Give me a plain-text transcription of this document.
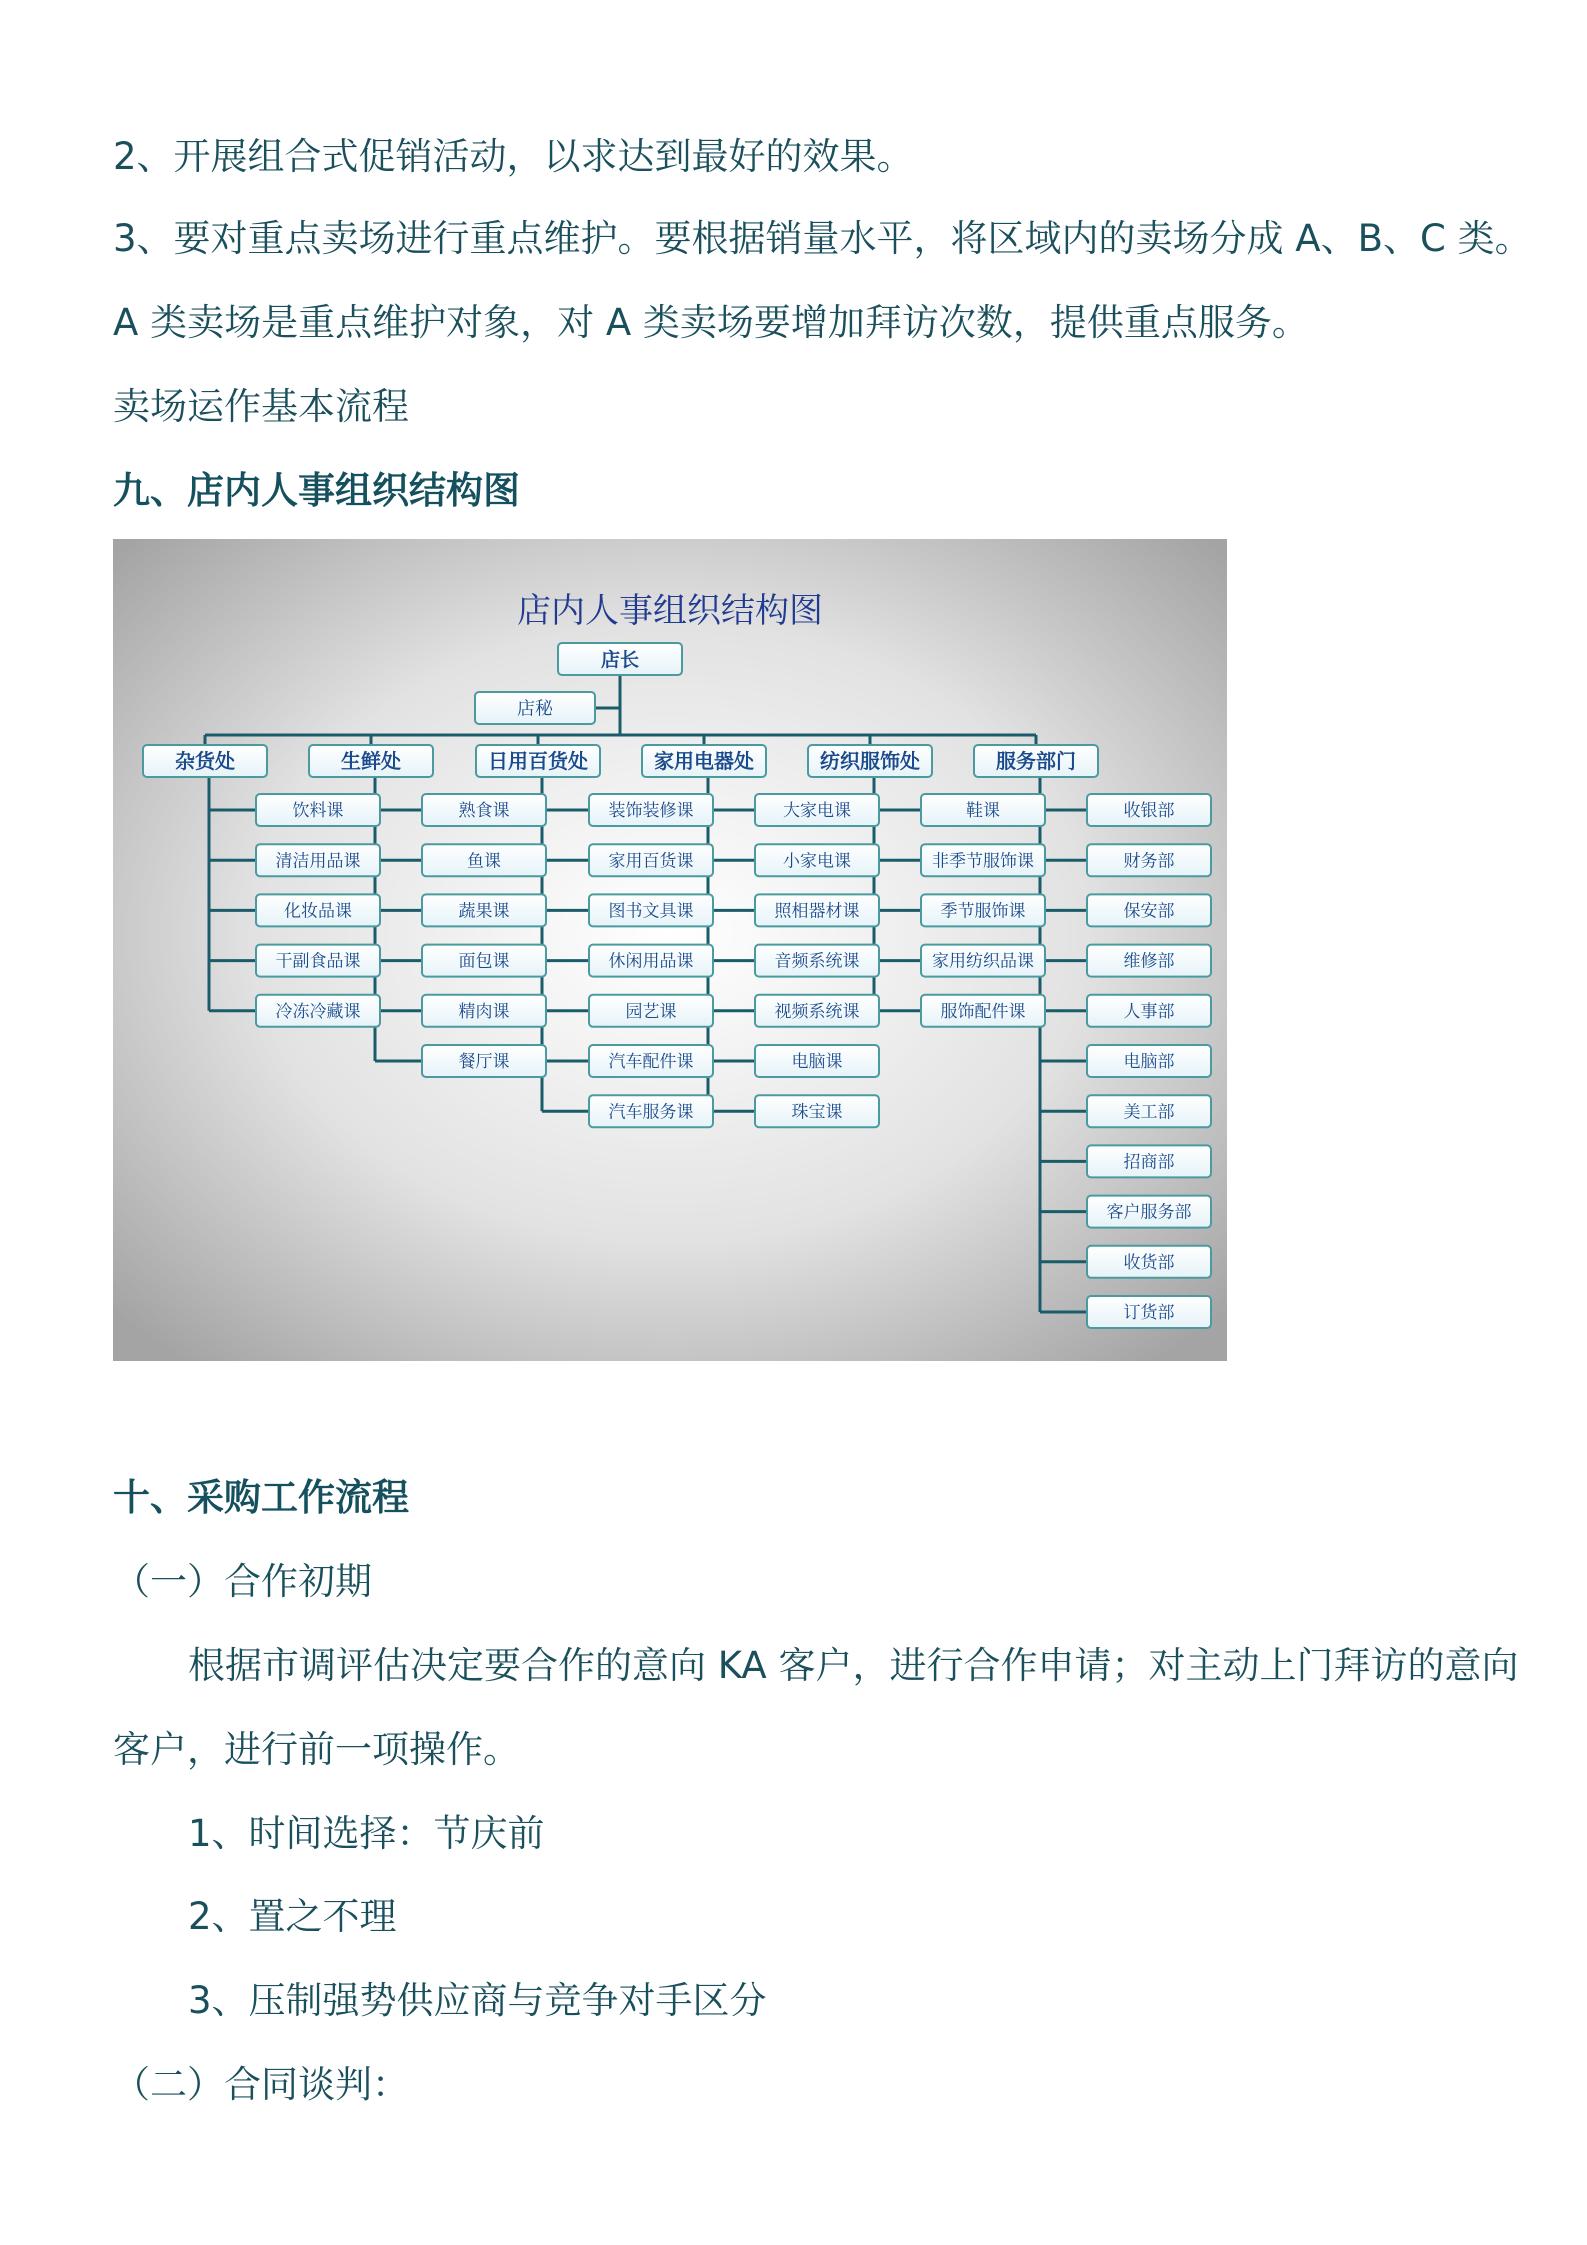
2、开展组合式促销活动，以求达到最好的效果。

3、要对重点卖场进行重点维护。要根据销量水平，将区域内的卖场分成 A、B、C 类。

A 类卖场是重点维护对象，对 A 类卖场要增加拜访次数，提供重点服务。

卖场运作基本流程

九、店内人事组织结构图

店内人事组织结构图
店长
店秘
杂货处
饮料课
清洁用品课
化妆品课
干副食品课
冷冻冷藏课
生鲜处
熟食课
鱼课
蔬果课
面包课
精肉课
餐厅课
日用百货处
装饰装修课
家用百货课
图书文具课
休闲用品课
园艺课
汽车配件课
汽车服务课
家用电器处
大家电课
小家电课
照相器材课
音频系统课
视频系统课
电脑课
珠宝课
纺织服饰处
鞋课
非季节服饰课
季节服饰课
家用纺织品课
服饰配件课
服务部门
收银部
财务部
保安部
维修部
人事部
电脑部
美工部
招商部
客户服务部
收货部
订货部

十、采购工作流程

（一）合作初期

根据市调评估决定要合作的意向 KA 客户，进行合作申请；对主动上门拜访的意向

客户，进行前一项操作。

1、时间选择：节庆前

2、置之不理

3、压制强势供应商与竞争对手区分

（二）合同谈判：
